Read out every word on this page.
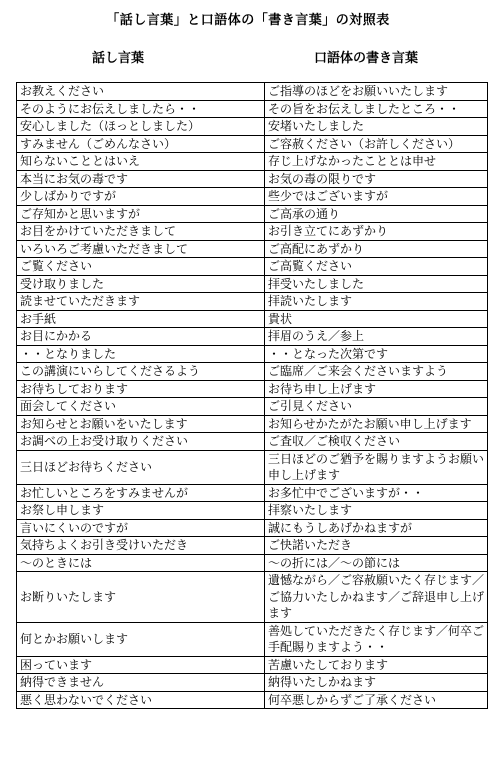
「話し言葉」と口語体の「書き言葉」の対照表
話し言葉	口語体の書き言葉
お教えください	ご指導のほどをお願いいたします
そのようにお伝えしましたら・・	その旨をお伝えしましたところ・・
安心しました（ほっとしました）	安堵いたしました
すみません（ごめんなさい）	ご容赦ください（お許しください）
知らないこととはいえ	存じ上げなかったこととは申せ
本当にお気の毒です	お気の毒の限りです
少しばかりですが	些少ではございますが
ご存知かと思いますが	ご高承の通り
お目をかけていただきまして	お引き立てにあずかり
いろいろご考慮いただきまして	ご高配にあずかり
ご覧ください	ご高覧ください
受け取りました	拝受いたしました
読ませていただきます	拝読いたします
お手紙	貴状
お目にかかる	拝眉のうえ／参上
・・となりました	・・となった次第です
この講演にいらしてくださるよう	ご臨席／ご来会くださいますよう
お待ちしております	お待ち申し上げます
面会してください	ご引見ください
お知らせとお願いをいたします	お知らせかたがたお願い申し上げます
お調べの上お受け取りください	ご査収／ご検収ください
三日ほどお待ちください	三日ほどのご猶予を賜りますようお願い申し上げます
お忙しいところをすみませんが	お多忙中でございますが・・
お祭し申します	拝察いたします
言いにくいのですが	誠にもうしあげかねますが
気持ちよくお引き受けいただき	ご快諾いただき
～のときには	～の折には／～の節には
お断りいたします	遺憾ながら／ご容赦願いたく存じます／ご協力いたしかねます／ご辞退申し上げます
何とかお願いします	善処していただきたく存じます／何卒ご手配賜りますよう・・
困っています	苦慮いたしております
納得できません	納得いたしかねます
悪く思わないでください	何卒悪しからずご了承ください
